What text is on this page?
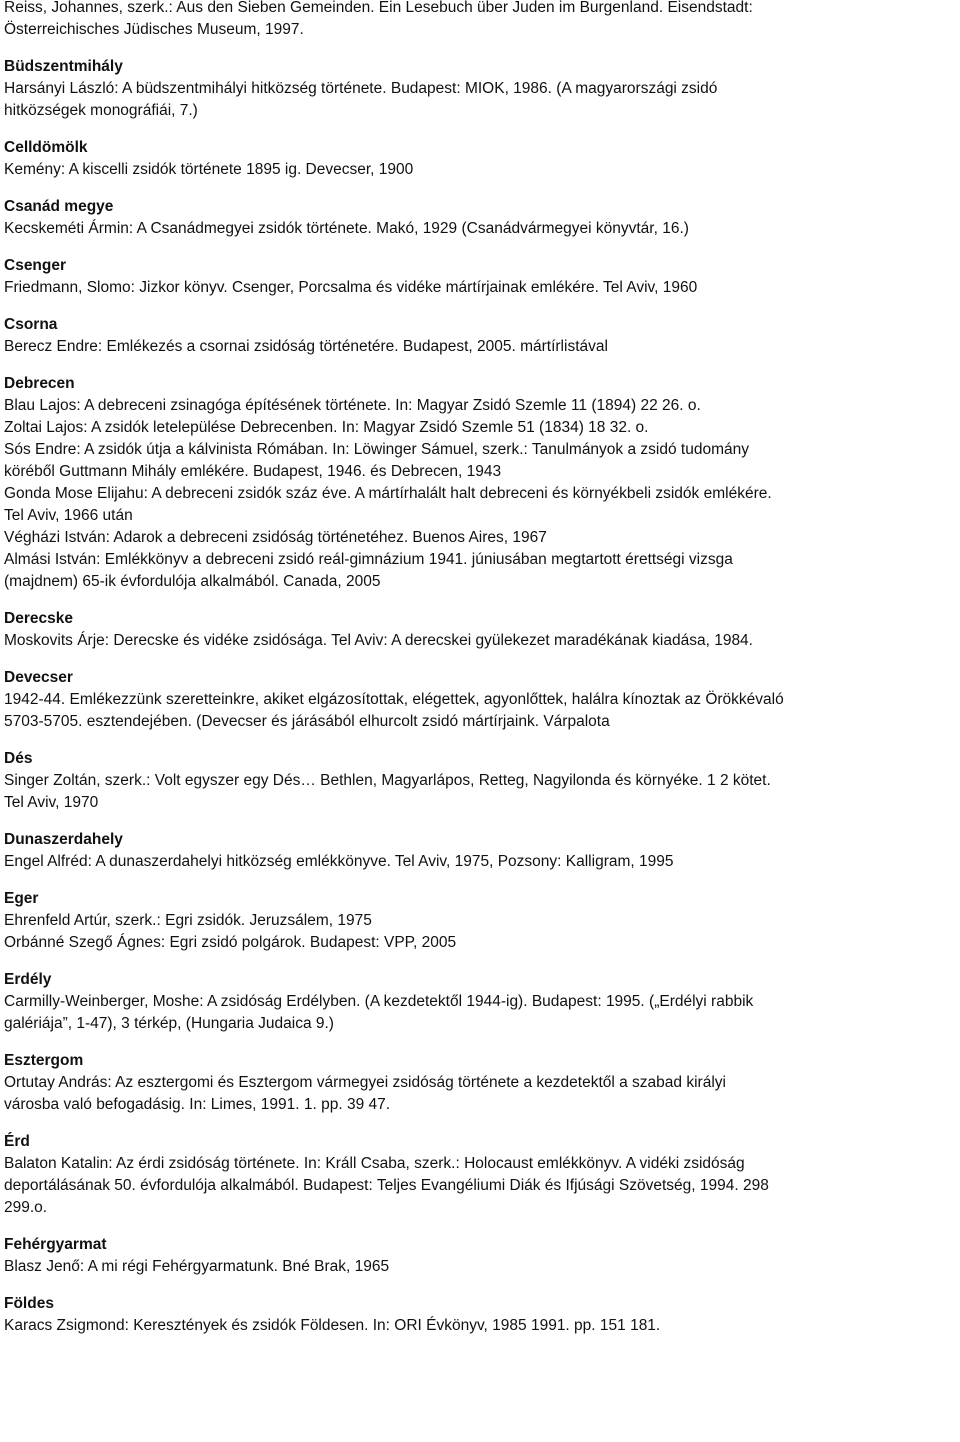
Reiss, Johannes, szerk.: Aus den Sieben Gemeinden. Ein Lesebuch über Juden im Burgenland. Eisendstadt:
Österreichisches Jüdisches Museum, 1997.
Büdszentmihály
Harsányi László: A büdszentmihályi hitközség története. Budapest: MIOK, 1986. (A magyarországi zsidó
hitközségek monográfiái, 7.)
Celldömölk
Kemény: A kiscelli zsidók története 1895 ig. Devecser, 1900
Csanád megye
Kecskeméti Ármin: A Csanádmegyei zsidók története. Makó, 1929 (Csanádvármegyei könyvtár, 16.)
Csenger
Friedmann, Slomo: Jizkor könyv. Csenger, Porcsalma és vidéke mártírjainak emlékére. Tel Aviv, 1960
Csorna
Berecz Endre: Emlékezés a csornai zsidóság történetére. Budapest, 2005. mártírlistával
Debrecen
Blau Lajos: A debreceni zsinagóga építésének története. In: Magyar Zsidó Szemle 11 (1894) 22 26. o.
Zoltai Lajos: A zsidók letelepülése Debrecenben. In: Magyar Zsidó Szemle 51 (1834) 18 32. o.
Sós Endre: A zsidók útja a kálvinista Rómában. In: Löwinger Sámuel, szerk.: Tanulmányok a zsidó tudomány
köréből Guttmann Mihály emlékére. Budapest, 1946. és Debrecen, 1943
Gonda Mose Elijahu: A debreceni zsidók száz éve. A mártírhalált halt debreceni és környékbeli zsidók emlékére.
Tel Aviv, 1966 után
Végházi István: Adarok a debreceni zsidóság történetéhez. Buenos Aires, 1967
Almási István: Emlékkönyv a debreceni zsidó reál-gimnázium 1941. júniusában megtartott érettségi vizsga
(majdnem) 65-ik évfordulója alkalmából. Canada, 2005
Derecske
Moskovits Árje: Derecske és vidéke zsidósága. Tel Aviv: A derecskei gyülekezet maradékának kiadása, 1984.
Devecser
1942-44. Emlékezzünk szeretteinkre, akiket elgázosítottak, elégettek, agyonlőttek, halálra kínoztak az Örökkévaló
5703-5705. esztendejében. (Devecser és járásából elhurcolt zsidó mártírjaink. Várpalota
Dés
Singer Zoltán, szerk.: Volt egyszer egy Dés… Bethlen, Magyarlápos, Retteg, Nagyilonda és környéke. 1 2 kötet.
Tel Aviv, 1970
Dunaszerdahely
Engel Alfréd: A dunaszerdahelyi hitközség emlékkönyve. Tel Aviv, 1975, Pozsony: Kalligram, 1995
Eger
Ehrenfeld Artúr, szerk.: Egri zsidók. Jeruzsálem, 1975
Orbánné Szegő Ágnes: Egri zsidó polgárok. Budapest: VPP, 2005
Erdély
Carmilly-Weinberger, Moshe: A zsidóság Erdélyben. (A kezdetektől 1944-ig). Budapest: 1995. („Erdélyi rabbik
galériája”, 1-47), 3 térkép, (Hungaria Judaica 9.)
Esztergom
Ortutay András: Az esztergomi és Esztergom vármegyei zsidóság története a kezdetektől a szabad királyi
városba való befogadásig. In: Limes, 1991. 1. pp. 39 47.
Érd
Balaton Katalin: Az érdi zsidóság története. In: Králl Csaba, szerk.: Holocaust emlékkönyv. A vidéki zsidóság
deportálásának 50. évfordulója alkalmából. Budapest: Teljes Evangéliumi Diák és Ifjúsági Szövetség, 1994. 298
299.o.
Fehérgyarmat
Blasz Jenő: A mi régi Fehérgyarmatunk. Bné Brak, 1965
Földes
Karacs Zsigmond: Keresztények és zsidók Földesen. In: ORI Évkönyv, 1985 1991. pp. 151 181.
